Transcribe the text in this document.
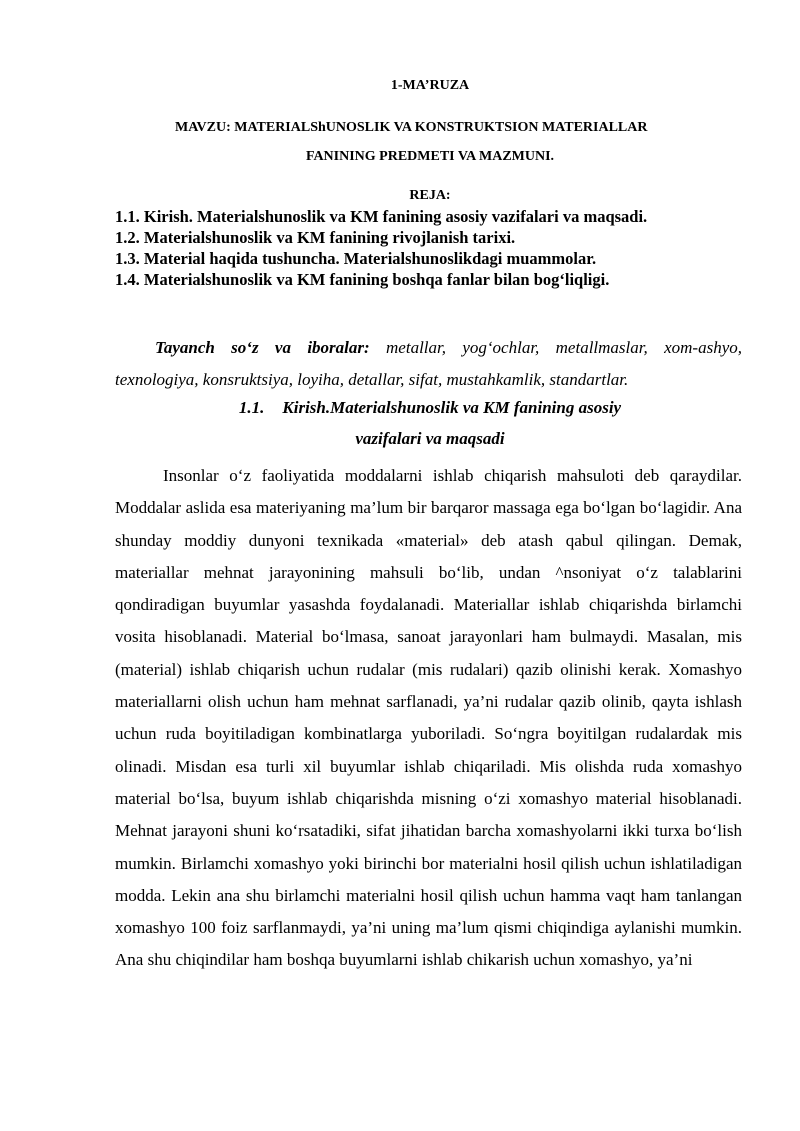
1-MA’RUZA
MAVZU: MATERIALShUNOSLIK VA KONSTRUKTSION MATERIALLAR
FANINING PREDMETI VA MAZMUNI.
REJA:
1.1. Kirish. Materialshunoslik va KM fanining asosiy vazifalari va maqsadi.
1.2. Materialshunoslik va KM fanining rivojlanish tarixi.
1.3. Material haqida tushuncha. Materialshunoslikdagi muammolar.
1.4. Materialshunoslik va KM fanining boshqa fanlar bilan bog‘liqligi.
Tayanch so‘z va iboralar: metallar, yog‘ochlar, metallmaslar, xom-ashyo, texnologiya, konsruktsiya, loyiha, detallar, sifat, mustahkamlik, standartlar.
1.1. Kirish.Materialshunoslik va KM fanining asosiy
vazifalari va maqsadi
Insonlar o‘z faoliyatida moddalarni ishlab chiqarish mahsuloti deb qaraydilar. Moddalar aslida esa materiyaning ma’lum bir barqaror massaga ega bo‘lgan bo‘lagidir. Ana shunday moddiy dunyoni texnikada «material» deb atash qabul qilingan. Demak, materiallar mehnat jarayonining mahsuli bo‘lib, undan ^nsoniyat o‘z talablarini qondiradigan buyumlar yasashda foydalanadi. Materiallar ishlab chiqarishda birlamchi vosita hisoblanadi. Material bo‘lmasa, sanoat jarayonlari ham bulmaydi. Masalan, mis (material) ishlab chiqarish uchun rudalar (mis rudalari) qazib olinishi kerak. Xomashyo materiallarni olish uchun ham mehnat sarflanadi, ya’ni rudalar qazib olinib, qayta ishlash uchun ruda boyitiladigan kombinatlarga yuboriladi. So‘ngra boyitilgan rudalardak mis olinadi. Misdan esa turli xil buyumlar ishlab chiqariladi. Mis olishda ruda xomashyo material bo‘lsa, buyum ishlab chiqarishda misning o‘zi xomashyo material hisoblanadi. Mehnat jarayoni shuni ko‘rsatadiki, sifat jihatidan barcha xomashyolarni ikki turxa bo‘lish mumkin. Birlamchi xomashyo yoki birinchi bor materialni hosil qilish uchun ishlatiladigan modda. Lekin ana shu birlamchi materialni hosil qilish uchun hamma vaqt ham tanlangan xomashyo 100 foiz sarflanmaydi, ya’ni uning ma’lum qismi chiqindiga aylanishi mumkin. Ana shu chiqindilar ham boshqa buyumlarni ishlab chikarish uchun xomashyo, ya’ni
